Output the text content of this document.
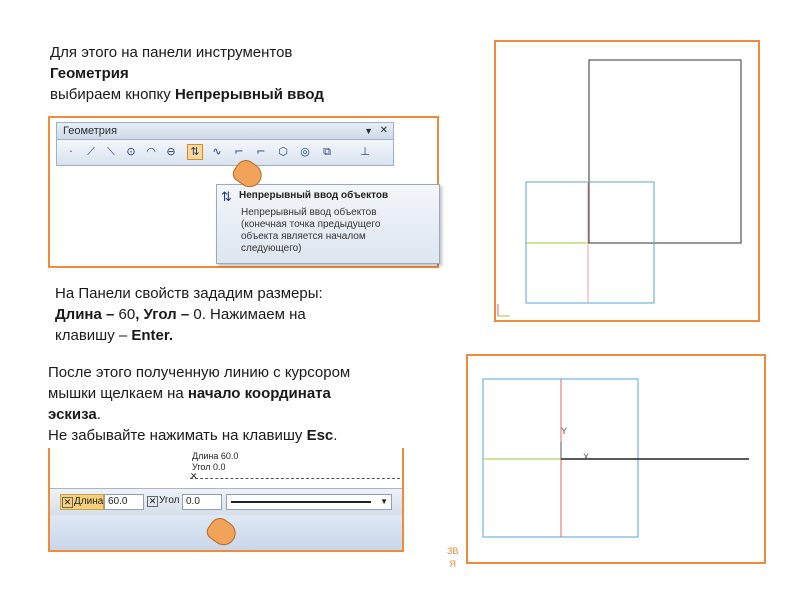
Для этого на панели инструментов
Геометрия
выбираем кнопку Непрерывный ввод
Геометрия	▼ ✕
·	⟋	⟍	⊙ ◠ ⊖	⇅	∿	⌐	⌐	⬡ ◎	⧉	⊥
⇅ Непрерывный ввод объектов
Непрерывный ввод объектов
(конечная точка предыдущего
объекта является началом
следующего)
На Панели свойств зададим размеры:
Длина – 60, Угол – 0. Нажимаем на
клавишу – Enter.
После этого полученную линию с курсором
мышки щелкаем на начало координата
эскиза.
Не забывайте нажимать на клавишу Esc.
Длина 60.0
Угол 0.0
✕
✕ Длина 60.0	✕ Угол 0.0	▼
Y
X
ЗВ
Я
